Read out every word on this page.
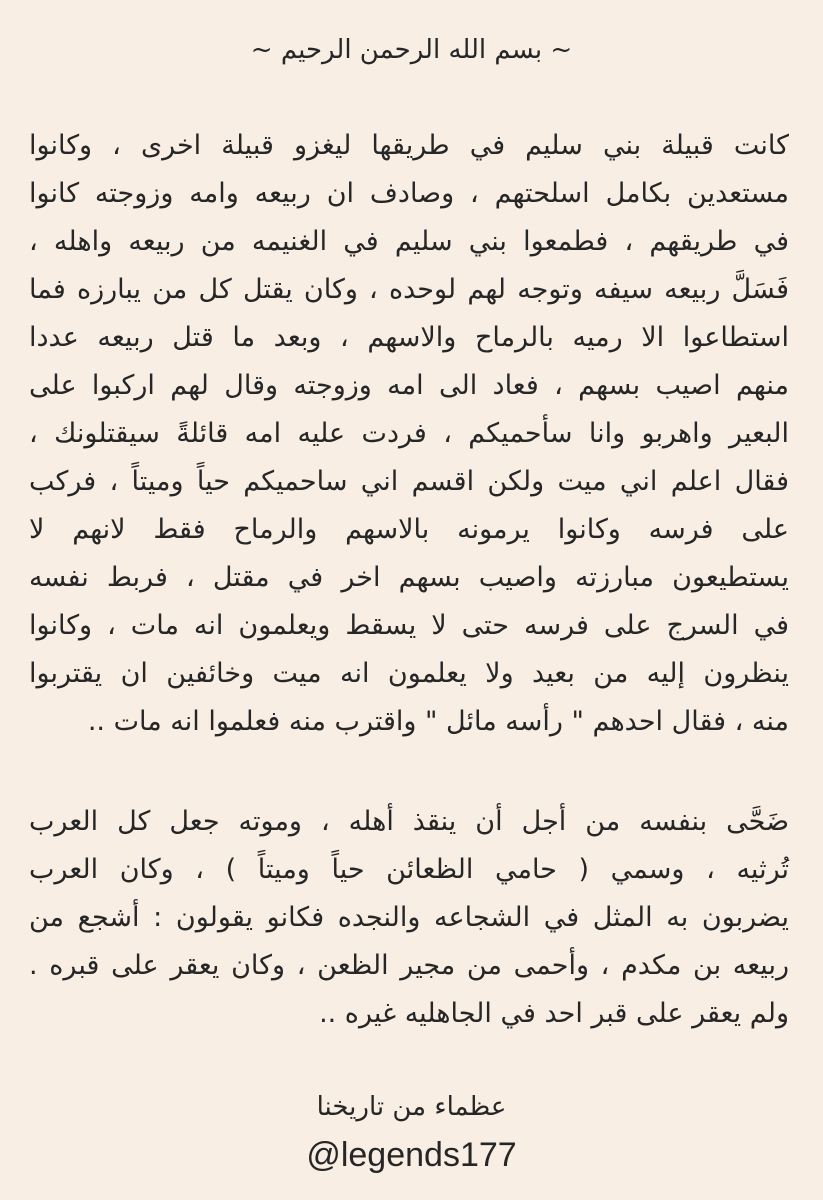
~ بسم الله الرحمن الرحيم ~
كانت قبيلة بني سليم في طريقها ليغزو قبيلة اخرى ، وكانوا
مستعدين بكامل اسلحتهم ، وصادف ان ربيعه وامه وزوجته كانوا
في طريقهم ، فطمعوا بني سليم في الغنيمه من ربيعه واهله ،
فَسَلَّ ربيعه سيفه وتوجه لهم لوحده ، وكان يقتل كل من يبارزه فما
استطاعوا الا رميه بالرماح والاسهم ، وبعد ما قتل ربيعه عددا
منهم اصيب بسهم ، فعاد الى امه وزوجته وقال لهم اركبوا على
البعير واهربو وانا سأحميكم ، فردت عليه امه قائلةً سيقتلونك ،
فقال اعلم اني ميت ولكن اقسم اني ساحميكم حياً وميتاً ، فركب
على فرسه وكانوا يرمونه بالاسهم والرماح فقط لانهم لا
يستطيعون مبارزته واصيب بسهم اخر في مقتل ، فربط نفسه
في السرج على فرسه حتى لا يسقط ويعلمون انه مات ، وكانوا
ينظرون إليه من بعيد ولا يعلمون انه ميت وخائفين ان يقتربوا
منه ، فقال احدهم " رأسه مائل " واقترب منه فعلموا انه مات ..
ضَحَّى بنفسه من أجل أن ينقذ أهله ، وموته جعل كل العرب
تُرثيه ، وسمي ( حامي الظعائن حياً وميتاً ) ، وكان العرب
يضربون به المثل في الشجاعه والنجده فكانو يقولون : أشجع من
ربيعه بن مكدم ، وأحمى من مجير الظعن ، وكان يعقر على قبره .
ولم يعقر على قبر احد في الجاهليه غيره ..
عظماء من تاريخنا
@legends177
